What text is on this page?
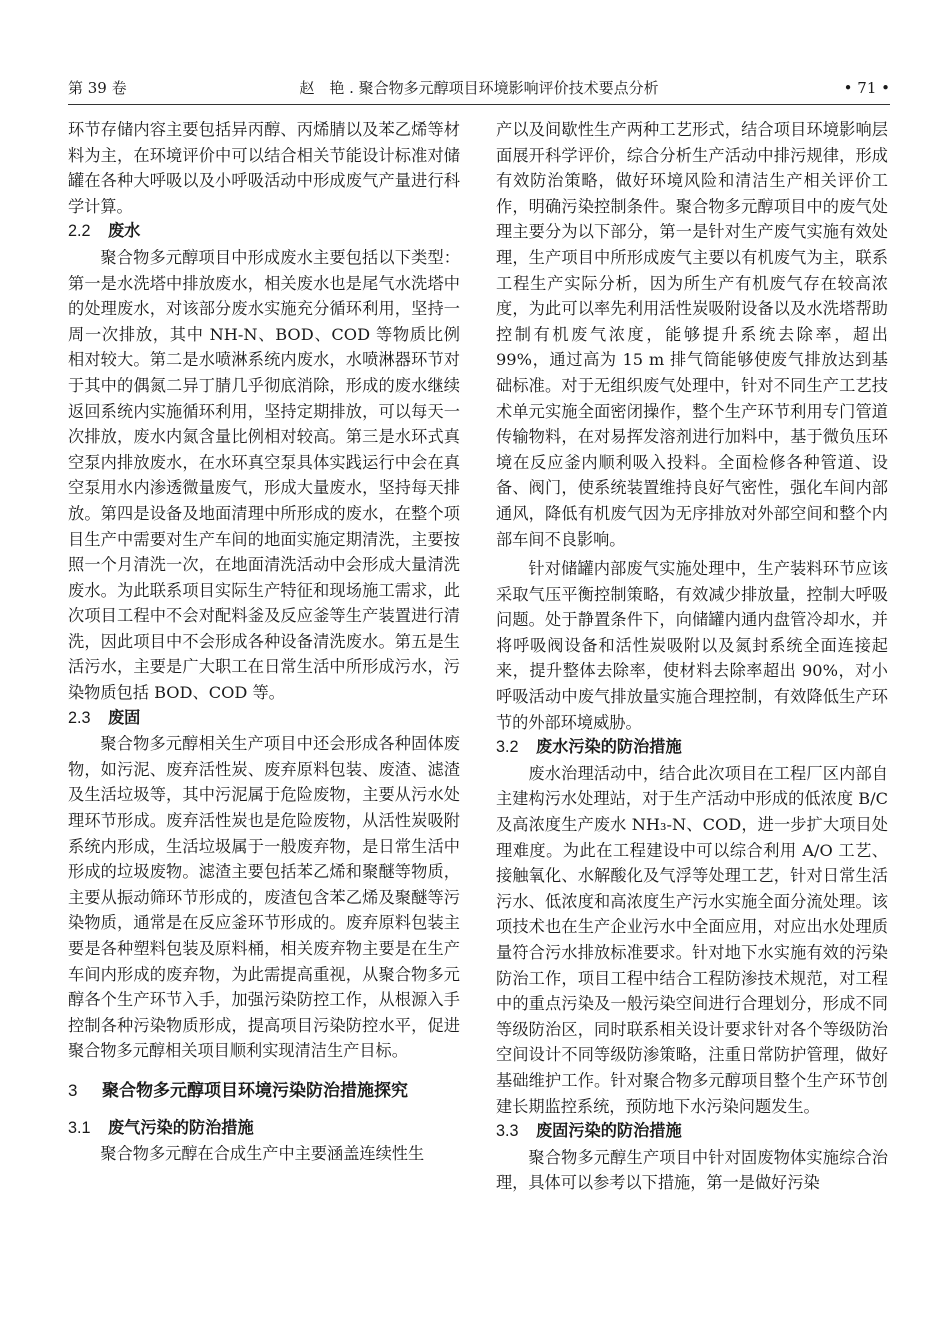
第 39 卷	赵　艳 . 聚合物多元醇项目环境影响评价技术要点分析	• 71 •

环节存储内容主要包括异丙醇、丙烯腈以及苯乙烯等材料为主，在环境评价中可以结合相关节能设计标准对储罐在各种大呼吸以及小呼吸活动中形成废气产量进行科学计算。

2.2 废水

聚合物多元醇项目中形成废水主要包括以下类型：第一是水洗塔中排放废水，相关废水也是尾气水洗塔中的处理废水，对该部分废水实施充分循环利用，坚持一周一次排放，其中 NH-N、BOD、COD 等物质比例相对较大。第二是水喷淋系统内废水，水喷淋器环节对于其中的偶氮二异丁腈几乎彻底消除，形成的废水继续返回系统内实施循环利用，坚持定期排放，可以每天一次排放，废水内氮含量比例相对较高。第三是水环式真空泵内排放废水，在水环真空泵具体实践运行中会在真空泵用水内渗透微量废气，形成大量废水，坚持每天排放。第四是设备及地面清理中所形成的废水，在整个项目生产中需要对生产车间的地面实施定期清洗，主要按照一个月清洗一次，在地面清洗活动中会形成大量清洗废水。为此联系项目实际生产特征和现场施工需求，此次项目工程中不会对配料釜及反应釜等生产装置进行清洗，因此项目中不会形成各种设备清洗废水。第五是生活污水，主要是广大职工在日常生活中所形成污水，污染物质包括 BOD、COD 等。

2.3 废固

聚合物多元醇相关生产项目中还会形成各种固体废物，如污泥、废弃活性炭、废弃原料包装、废渣、滤渣及生活垃圾等，其中污泥属于危险废物，主要从污水处理环节形成。废弃活性炭也是危险废物，从活性炭吸附系统内形成，生活垃圾属于一般废弃物，是日常生活中形成的垃圾废物。滤渣主要包括苯乙烯和聚醚等物质，主要从振动筛环节形成的，废渣包含苯乙烯及聚醚等污染物质，通常是在反应釜环节形成的。废弃原料包装主要是各种塑料包装及原料桶，相关废弃物主要是在生产车间内形成的废弃物，为此需提高重视，从聚合物多元醇各个生产环节入手，加强污染防控工作，从根源入手控制各种污染物质形成，提高项目污染防控水平，促进聚合物多元醇相关项目顺利实现清洁生产目标。

3 聚合物多元醇项目环境污染防治措施探究
3.1 废气污染的防治措施

聚合物多元醇在合成生产中主要涵盖连续性生

产以及间歇性生产两种工艺形式，结合项目环境影响层面展开科学评价，综合分析生产活动中排污规律，形成有效防治策略，做好环境风险和清洁生产相关评价工作，明确污染控制条件。聚合物多元醇项目中的废气处理主要分为以下部分，第一是针对生产废气实施有效处理，生产项目中所形成废气主要以有机废气为主，联系工程生产实际分析，因为所生产有机废气存在较高浓度，为此可以率先利用活性炭吸附设备以及水洗塔帮助控制有机废气浓度，能够提升系统去除率，超出 99%，通过高为 15 m 排气筒能够使废气排放达到基础标准。对于无组织废气处理中，针对不同生产工艺技术单元实施全面密闭操作，整个生产环节利用专门管道传输物料，在对易挥发溶剂进行加料中，基于微负压环境在反应釜内顺利吸入投料。全面检修各种管道、设备、阀门，使系统装置维持良好气密性，强化车间内部通风，降低有机废气因为无序排放对外部空间和整个内部车间不良影响。

针对储罐内部废气实施处理中，生产装料环节应该采取气压平衡控制策略，有效减少排放量，控制大呼吸问题。处于静置条件下，向储罐内通内盘管冷却水，并将呼吸阀设备和活性炭吸附以及氮封系统全面连接起来，提升整体去除率，使材料去除率超出 90%，对小呼吸活动中废气排放量实施合理控制，有效降低生产环节的外部环境威胁。

3.2 废水污染的防治措施

废水治理活动中，结合此次项目在工程厂区内部自主建构污水处理站，对于生产活动中形成的低浓度 B/C 及高浓度生产废水 NH₃-N、COD，进一步扩大项目处理难度。为此在工程建设中可以综合利用 A/O 工艺、接触氧化、水解酸化及气浮等处理工艺，针对日常生活污水、低浓度和高浓度生产污水实施全面分流处理。该项技术也在生产企业污水中全面应用，对应出水处理质量符合污水排放标准要求。针对地下水实施有效的污染防治工作，项目工程中结合工程防渗技术规范，对工程中的重点污染及一般污染空间进行合理划分，形成不同等级防治区，同时联系相关设计要求针对各个等级防治空间设计不同等级防渗策略，注重日常防护管理，做好基础维护工作。针对聚合物多元醇项目整个生产环节创建长期监控系统，预防地下水污染问题发生。

3.3 废固污染的防治措施

聚合物多元醇生产项目中针对固废物体实施综合治理，具体可以参考以下措施，第一是做好污染
